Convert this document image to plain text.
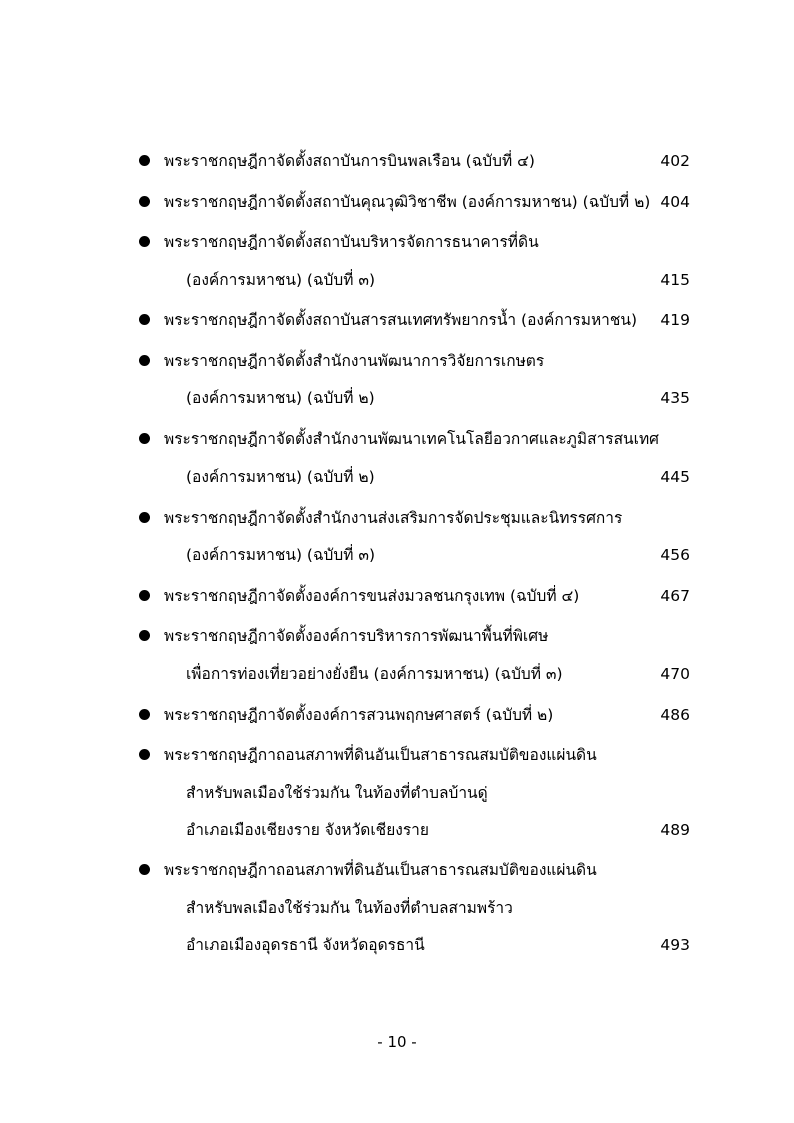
พระราชกฤษฎีกาจัดตั้งสถาบันการบินพลเรือน (ฉบับที่ ๔)	402
พระราชกฤษฎีกาจัดตั้งสถาบันคุณวุฒิวิชาชีพ (องค์การมหาชน) (ฉบับที่ ๒) 404
พระราชกฤษฎีกาจัดตั้งสถาบันบริหารจัดการธนาคารที่ดิน
(องค์การมหาชน) (ฉบับที่ ๓)	415
พระราชกฤษฎีกาจัดตั้งสถาบันสารสนเทศทรัพยากรน้ำ (องค์การมหาชน) 419
พระราชกฤษฎีกาจัดตั้งสำนักงานพัฒนาการวิจัยการเกษตร
(องค์การมหาชน) (ฉบับที่ ๒)	435
พระราชกฤษฎีกาจัดตั้งสำนักงานพัฒนาเทคโนโลยีอวกาศและภูมิสารสนเทศ
(องค์การมหาชน) (ฉบับที่ ๒)	445
พระราชกฤษฎีกาจัดตั้งสำนักงานส่งเสริมการจัดประชุมและนิทรรศการ
(องค์การมหาชน) (ฉบับที่ ๓)	456
พระราชกฤษฎีกาจัดตั้งองค์การขนส่งมวลชนกรุงเทพ (ฉบับที่ ๔)	467
พระราชกฤษฎีกาจัดตั้งองค์การบริหารการพัฒนาพื้นที่พิเศษ
เพื่อการท่องเที่ยวอย่างยั่งยืน (องค์การมหาชน) (ฉบับที่ ๓)	470
พระราชกฤษฎีกาจัดตั้งองค์การสวนพฤกษศาสตร์ (ฉบับที่ ๒)	486
พระราชกฤษฎีกาถอนสภาพที่ดินอันเป็นสาธารณสมบัติของแผ่นดิน
สำหรับพลเมืองใช้ร่วมกัน ในท้องที่ตำบลบ้านดู่
อำเภอเมืองเชียงราย จังหวัดเชียงราย	489
พระราชกฤษฎีกาถอนสภาพที่ดินอันเป็นสาธารณสมบัติของแผ่นดิน
สำหรับพลเมืองใช้ร่วมกัน ในท้องที่ตำบลสามพร้าว
อำเภอเมืองอุดรธานี จังหวัดอุดรธานี	493
- 10 -
